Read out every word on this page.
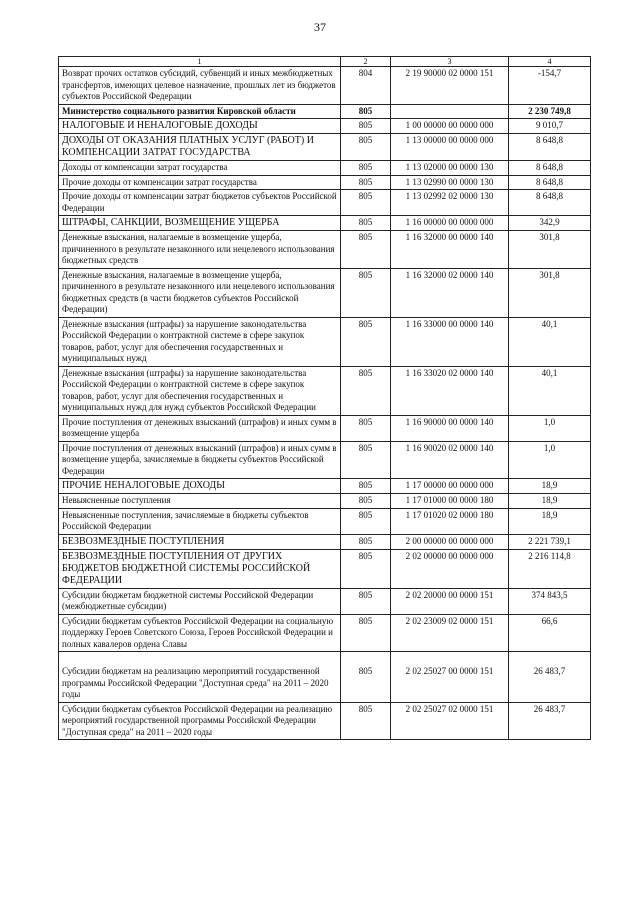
37
1	2	3	4
Возврат прочих остатков субсидий, субвенций и иных межбюджетных трансфертов, имеющих целевое назначение, прошлых лет из бюджетов субъектов Российской Федерации	804	2 19 90000 02 0000 151	-154,7
Министерство социального развития Кировской области	805		2 230 749,8
НАЛОГОВЫЕ И НЕНАЛОГОВЫЕ ДОХОДЫ	805	1 00 00000 00 0000 000	9 010,7
ДОХОДЫ ОТ ОКАЗАНИЯ ПЛАТНЫХ УСЛУГ (РАБОТ) И КОМПЕНСАЦИИ ЗАТРАТ ГОСУДАРСТВА	805	1 13 00000 00 0000 000	8 648,8
Доходы от компенсации затрат государства	805	1 13 02000 00 0000 130	8 648,8
Прочие доходы от компенсации затрат государства	805	1 13 02990 00 0000 130	8 648,8
Прочие доходы от компенсации затрат бюджетов субъектов Российской Федерации	805	1 13 02992 02 0000 130	8 648,8
ШТРАФЫ, САНКЦИИ, ВОЗМЕЩЕНИЕ УЩЕРБА	805	1 16 00000 00 0000 000	342,9
Денежные взыскания, налагаемые в возмещение ущерба, причиненного в результате незаконного или нецелевого использования бюджетных средств	805	1 16 32000 00 0000 140	301,8
Денежные взыскания, налагаемые в возмещение ущерба, причиненного в результате незаконного или нецелевого использования бюджетных средств (в части бюджетов субъектов Российской Федерации)	805	1 16 32000 02 0000 140	301,8
Денежные взыскания (штрафы) за нарушение законодательства Российской Федерации о контрактной системе в сфере закупок товаров, работ, услуг для обеспечения государственных и муниципальных нужд	805	1 16 33000 00 0000 140	40,1
Денежные взыскания (штрафы) за нарушение законодательства Российской Федерации о контрактной системе в сфере закупок товаров, работ, услуг для обеспечения государственных и муниципальных нужд для нужд субъектов Российской Федерации	805	1 16 33020 02 0000 140	40,1
Прочие поступления от денежных взысканий (штрафов) и иных сумм в возмещение ущерба	805	1 16 90000 00 0000 140	1,0
Прочие поступления от денежных взысканий (штрафов) и иных сумм в возмещение ущерба, зачисляемые в бюджеты субъектов Российской Федерации	805	1 16 90020 02 0000 140	1,0
ПРОЧИЕ НЕНАЛОГОВЫЕ ДОХОДЫ	805	1 17 00000 00 0000 000	18,9
Невыясненные поступления	805	1 17 01000 00 0000 180	18,9
Невыясненные поступления, зачисляемые в бюджеты субъектов Российской Федерации	805	1 17 01020 02 0000 180	18,9
БЕЗВОЗМЕЗДНЫЕ ПОСТУПЛЕНИЯ	805	2 00 00000 00 0000 000	2 221 739,1
БЕЗВОЗМЕЗДНЫЕ ПОСТУПЛЕНИЯ ОТ ДРУГИХ БЮДЖЕТОВ БЮДЖЕТНОЙ СИСТЕМЫ РОССИЙСКОЙ ФЕДЕРАЦИИ	805	2 02 00000 00 0000 000	2 216 114,8
Субсидии бюджетам бюджетной системы Российской Федерации (межбюджетные субсидии)	805	2 02 20000 00 0000 151	374 843,5
Субсидии бюджетам субъектов Российской Федерации на социальную поддержку Героев Советского Союза, Героев Российской Федерации и полных кавалеров ордена Славы	805	2 02 23009 02 0000 151	66,6
Субсидии бюджетам на реализацию мероприятий государственной программы Российской Федерации "Доступная среда" на 2011 – 2020 годы	805	2 02 25027 00 0000 151	26 483,7
Субсидии бюджетам субъектов Российской Федерации на реализацию мероприятий государственной программы Российской Федерации "Доступная среда" на 2011 – 2020 годы	805	2 02 25027 02 0000 151	26 483,7
